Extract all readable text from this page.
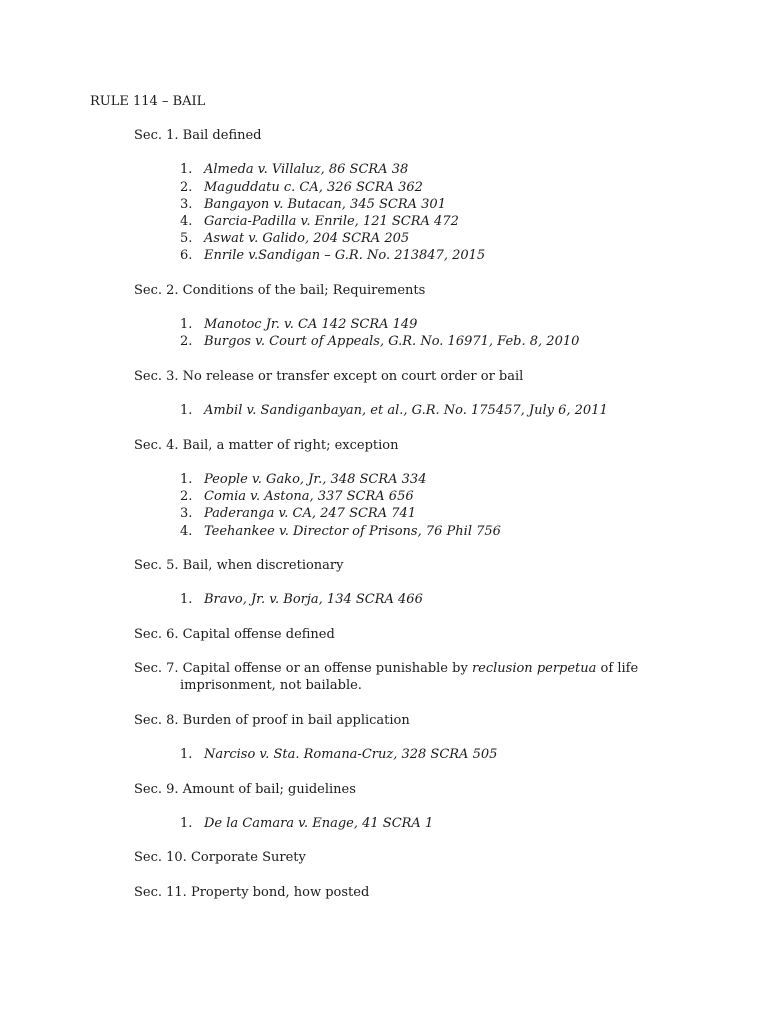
RULE 114 – BAIL
Sec. 1. Bail defined
1. Almeda v. Villaluz, 86 SCRA 38
2. Maguddatu c. CA, 326 SCRA 362
3. Bangayon v. Butacan, 345 SCRA 301
4. Garcia-Padilla v. Enrile, 121 SCRA 472
5. Aswat v. Galido, 204 SCRA 205
6. Enrile v.Sandigan – G.R. No. 213847, 2015
Sec. 2. Conditions of the bail; Requirements
1. Manotoc Jr. v. CA 142 SCRA 149
2. Burgos v. Court of Appeals, G.R. No. 16971, Feb. 8, 2010
Sec. 3. No release or transfer except on court order or bail
1. Ambil v. Sandiganbayan, et al., G.R. No. 175457, July 6, 2011
Sec. 4. Bail, a matter of right; exception
1. People v. Gako, Jr., 348 SCRA 334
2. Comia v. Astona, 337 SCRA 656
3. Paderanga v. CA, 247 SCRA 741
4. Teehankee v. Director of Prisons, 76 Phil 756
Sec. 5. Bail, when discretionary
1. Bravo, Jr. v. Borja, 134 SCRA 466
Sec. 6. Capital offense defined
Sec. 7. Capital offense or an offense punishable by reclusion perpetua of life
imprisonment, not bailable.
Sec. 8. Burden of proof in bail application
1. Narciso v. Sta. Romana-Cruz, 328 SCRA 505
Sec. 9. Amount of bail; guidelines
1. De la Camara v. Enage, 41 SCRA 1
Sec. 10. Corporate Surety
Sec. 11. Property bond, how posted
